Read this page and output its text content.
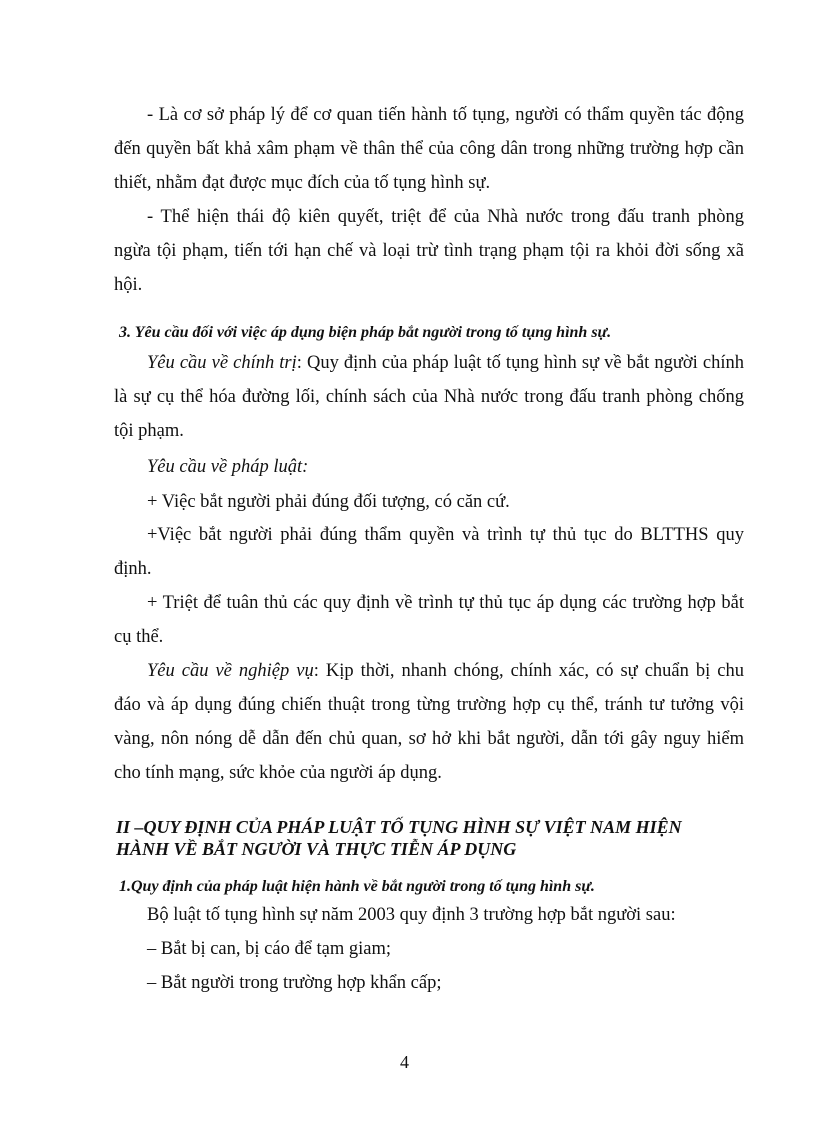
- Là cơ sở pháp lý để cơ quan tiến hành tố tụng, người có thẩm quyền tác động
đến quyền bất khả xâm phạm về thân thể của công dân trong những trường hợp cần
thiết, nhằm đạt được mục đích của tố tụng hình sự.
- Thể hiện thái độ kiên quyết, triệt để của Nhà nước trong đấu tranh phòng
ngừa tội phạm, tiến tới hạn chế và loại trừ tình trạng phạm tội ra khỏi đời sống xã
hội.
3. Yêu cầu đối với việc áp dụng biện pháp bắt người trong tố tụng hình sự.
Yêu cầu về chính trị: Quy định của pháp luật tố tụng hình sự về bắt người chính
là sự cụ thể hóa đường lối, chính sách của Nhà nước trong đấu tranh phòng chống
tội phạm.
Yêu cầu về pháp luật:
+ Việc bắt người phải đúng đối tượng, có căn cứ.
+Việc bắt người phải đúng thẩm quyền và trình tự thủ tục do BLTTHS quy
định.
+ Triệt để tuân thủ các quy định về trình tự thủ tục áp dụng các trường hợp bắt
cụ thể.
Yêu cầu về nghiệp vụ: Kịp thời, nhanh chóng, chính xác, có sự chuẩn bị chu
đáo và áp dụng đúng chiến thuật trong từng trường hợp cụ thể, tránh tư tưởng vội
vàng, nôn nóng dễ dẫn đến chủ quan, sơ hở khi bắt người, dẫn tới gây nguy hiểm
cho tính mạng, sức khỏe của người áp dụng.
II –QUY ĐỊNH CỦA PHÁP LUẬT TỐ TỤNG HÌNH SỰ VIỆT NAM HIỆN
HÀNH VỀ BẮT NGƯỜI VÀ THỰC TIỄN ÁP DỤNG
1.Quy định của pháp luật hiện hành về bắt người trong tố tụng hình sự.
Bộ luật tố tụng hình sự năm 2003 quy định 3 trường hợp bắt người sau:
– Bắt bị can, bị cáo để tạm giam;
– Bắt người trong trường hợp khẩn cấp;
4
